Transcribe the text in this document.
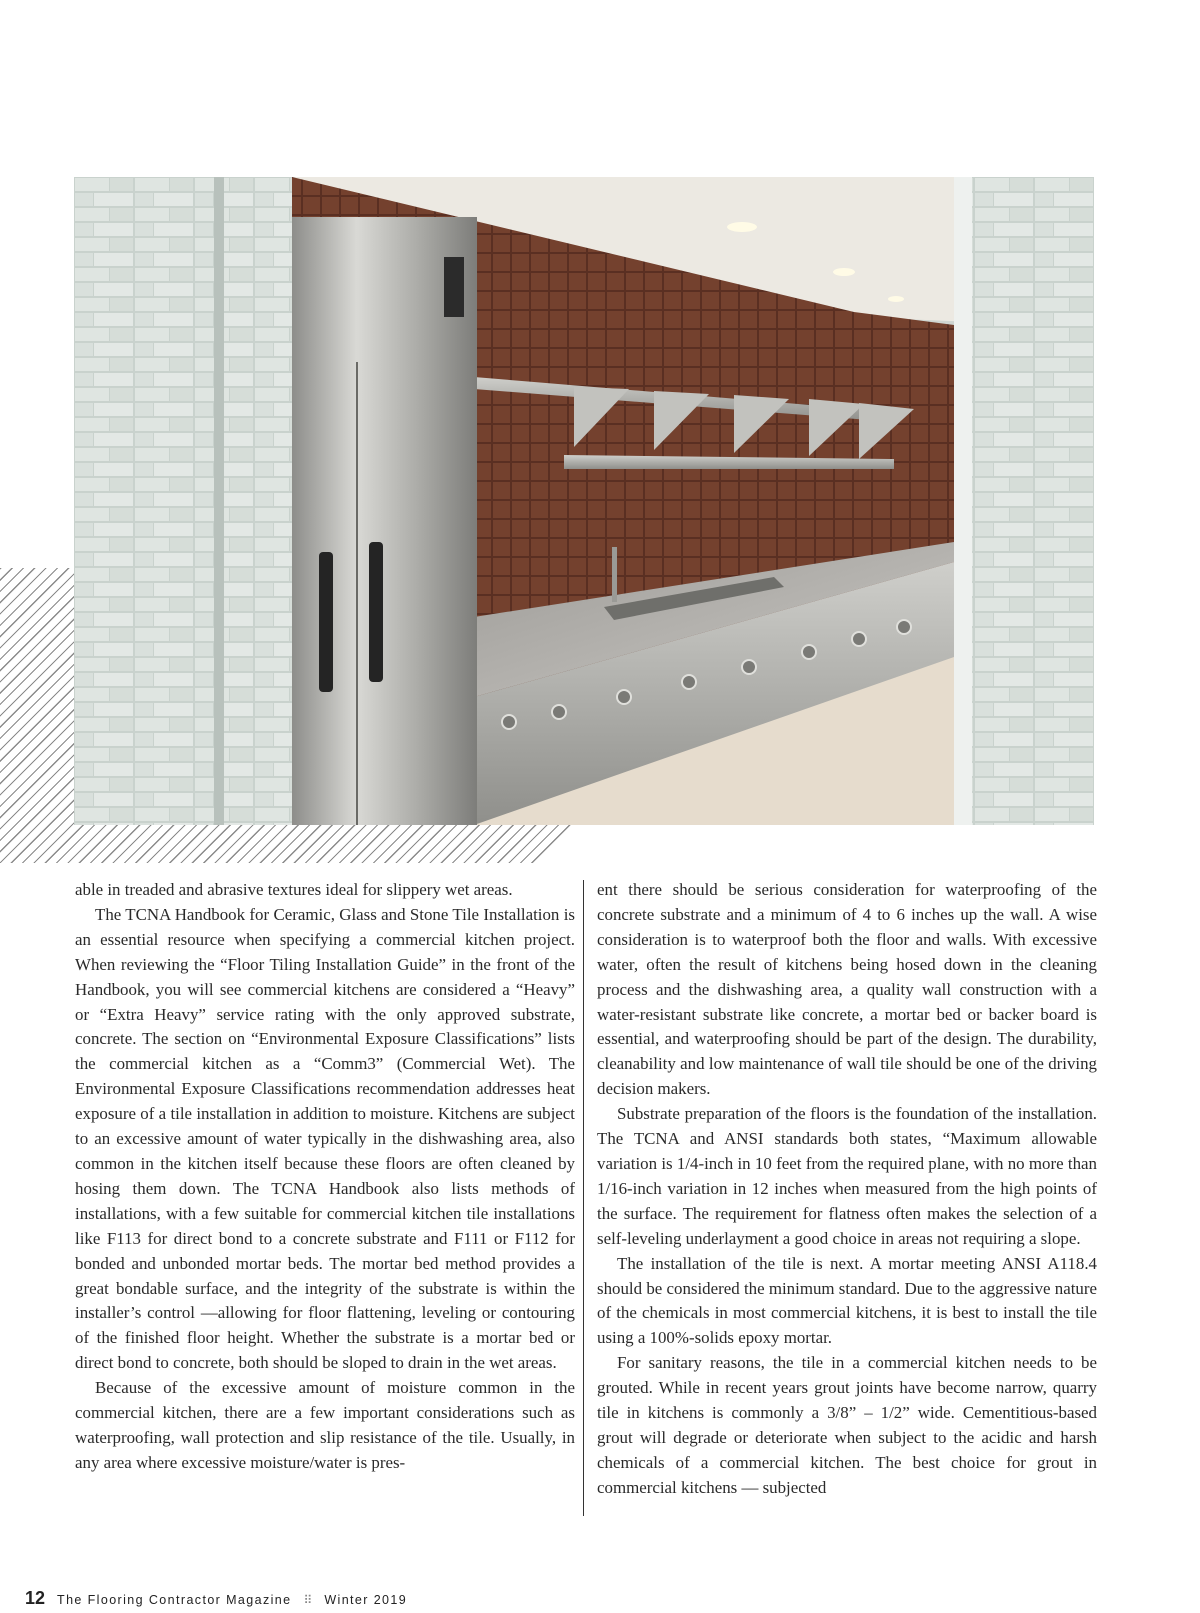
able in treaded and abrasive textures ideal for slippery wet areas.

The TCNA Handbook for Ceramic, Glass and Stone Tile Installation is an essential resource when specifying a commercial kitchen project. When reviewing the “Floor Tiling Installation Guide” in the front of the Handbook, you will see commercial kitchens are considered a “Heavy” or “Extra Heavy” service rating with the only approved substrate, concrete. The section on “Environmental Exposure Classifications” lists the commercial kitchen as a “Comm3” (Commercial Wet). The Environmental Exposure Classifications recommendation addresses heat exposure of a tile installation in addition to moisture. Kitchens are subject to an excessive amount of water typically in the dishwashing area, also common in the kitchen itself because these floors are often cleaned by hosing them down. The TCNA Handbook also lists methods of installations, with a few suitable for commercial kitchen tile installations like F113 for direct bond to a concrete substrate and F111 or F112 for bonded and unbonded mortar beds. The mortar bed method provides a great bondable surface, and the integrity of the substrate is within the installer’s control —allowing for floor flattening, leveling or contouring of the finished floor height. Whether the substrate is a mortar bed or direct bond to concrete, both should be sloped to drain in the wet areas.

Because of the excessive amount of moisture common in the commercial kitchen, there are a few important considerations such as waterproofing, wall protection and slip resistance of the tile. Usually, in any area where excessive moisture/water is pres-

ent there should be serious consideration for waterproofing of the concrete substrate and a minimum of 4 to 6 inches up the wall. A wise consideration is to waterproof both the floor and walls. With excessive water, often the result of kitchens being hosed down in the cleaning process and the dishwashing area, a quality wall construction with a water-resistant substrate like concrete, a mortar bed or backer board is essential, and waterproofing should be part of the design. The durability, cleanability and low maintenance of wall tile should be one of the driving decision makers.

Substrate preparation of the floors is the foundation of the installation. The TCNA and ANSI standards both states, “Maximum allowable variation is 1/4-inch in 10 feet from the required plane, with no more than 1/16-inch variation in 12 inches when measured from the high points of the surface. The requirement for flatness often makes the selection of a self-leveling underlayment a good choice in areas not requiring a slope.

The installation of the tile is next. A mortar meeting ANSI A118.4 should be considered the minimum standard. Due to the aggressive nature of the chemicals in most commercial kitchens, it is best to install the tile using a 100%-solids epoxy mortar.

For sanitary reasons, the tile in a commercial kitchen needs to be grouted. While in recent years grout joints have become narrow, quarry tile in kitchens is commonly a 3/8” – 1/2” wide. Cementitious-based grout will degrade or deteriorate when subject to the acidic and harsh chemicals of a commercial kitchen. The best choice for grout in commercial kitchens — subjected

12 The Flooring Contractor Magazine ⠿ Winter 2019
